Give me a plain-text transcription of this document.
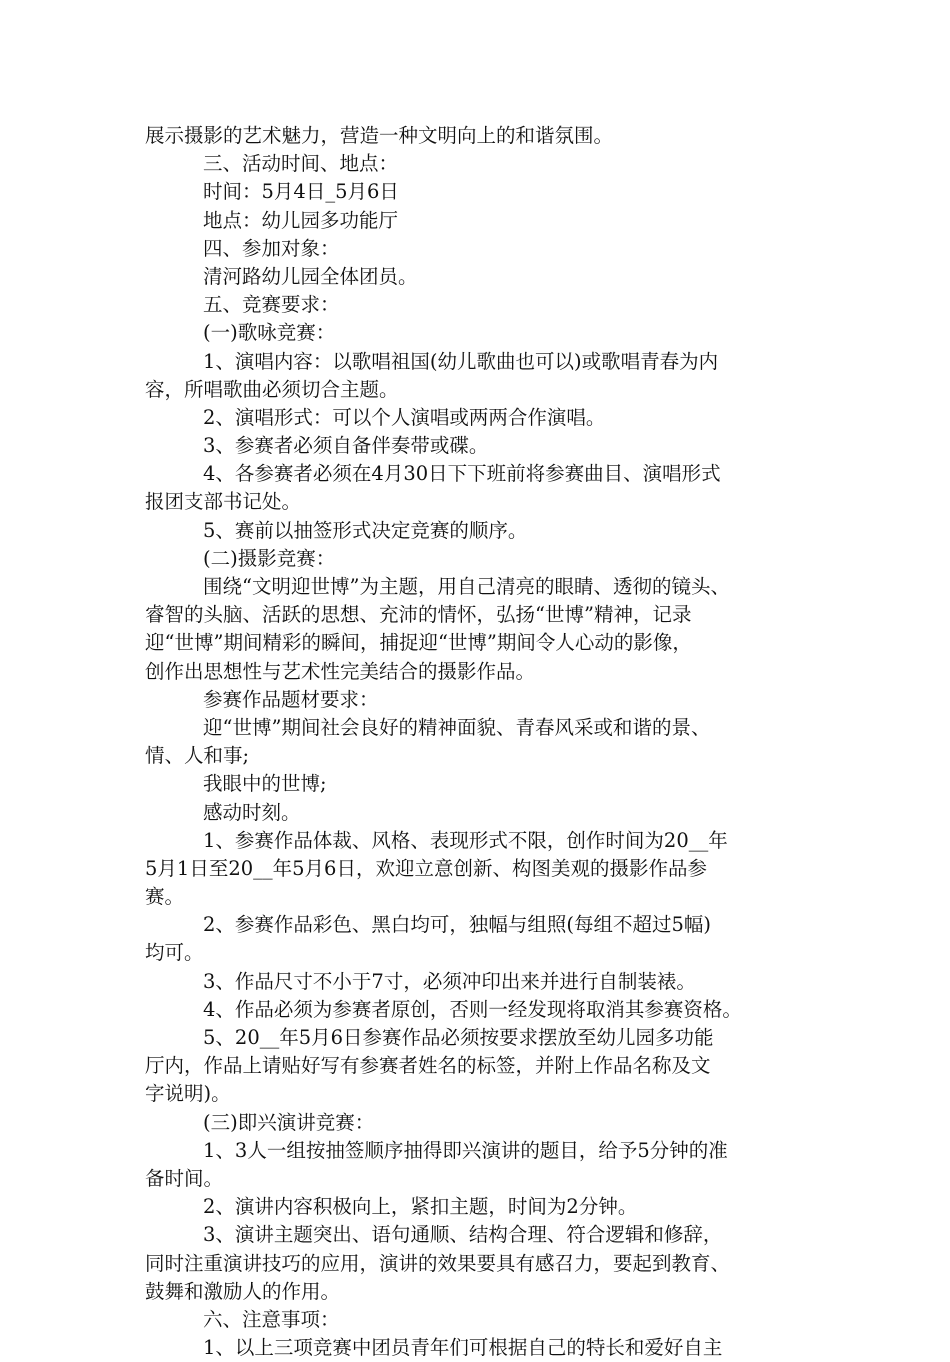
展示摄影的艺术魅力，营造一种文明向上的和谐氛围。
三、活动时间、地点：
时间：5月4日_5月6日
地点：幼儿园多功能厅
四、参加对象：
清河路幼儿园全体团员。
五、竞赛要求：
(一)歌咏竞赛：
1、演唱内容：以歌唱祖国(幼儿歌曲也可以)或歌唱青春为内
容，所唱歌曲必须切合主题。
2、演唱形式：可以个人演唱或两两合作演唱。
3、参赛者必须自备伴奏带或碟。
4、各参赛者必须在4月30日下下班前将参赛曲目、演唱形式
报团支部书记处。
5、赛前以抽签形式决定竞赛的顺序。
(二)摄影竞赛：
围绕“文明迎世博”为主题，用自己清亮的眼睛、透彻的镜头、
睿智的头脑、活跃的思想、充沛的情怀，弘扬“世博”精神，记录
迎“世博”期间精彩的瞬间，捕捉迎“世博”期间令人心动的影像，
创作出思想性与艺术性完美结合的摄影作品。
参赛作品题材要求：
迎“世博”期间社会良好的精神面貌、青春风采或和谐的景、
情、人和事;
我眼中的世博;
感动时刻。
1、参赛作品体裁、风格、表现形式不限，创作时间为20__年
5月1日至20__年5月6日，欢迎立意创新、构图美观的摄影作品参
赛。
2、参赛作品彩色、黑白均可，独幅与组照(每组不超过5幅)
均可。
3、作品尺寸不小于7寸，必须冲印出来并进行自制装裱。
4、作品必须为参赛者原创，否则一经发现将取消其参赛资格。
5、20__年5月6日参赛作品必须按要求摆放至幼儿园多功能
厅内，作品上请贴好写有参赛者姓名的标签，并附上作品名称及文
字说明)。
(三)即兴演讲竞赛：
1、3人一组按抽签顺序抽得即兴演讲的题目，给予5分钟的准
备时间。
2、演讲内容积极向上，紧扣主题，时间为2分钟。
3、演讲主题突出、语句通顺、结构合理、符合逻辑和修辞，
同时注重演讲技巧的应用，演讲的效果要具有感召力，要起到教育、
鼓舞和激励人的作用。
六、注意事项：
1、以上三项竞赛中团员青年们可根据自己的特长和爱好自主
